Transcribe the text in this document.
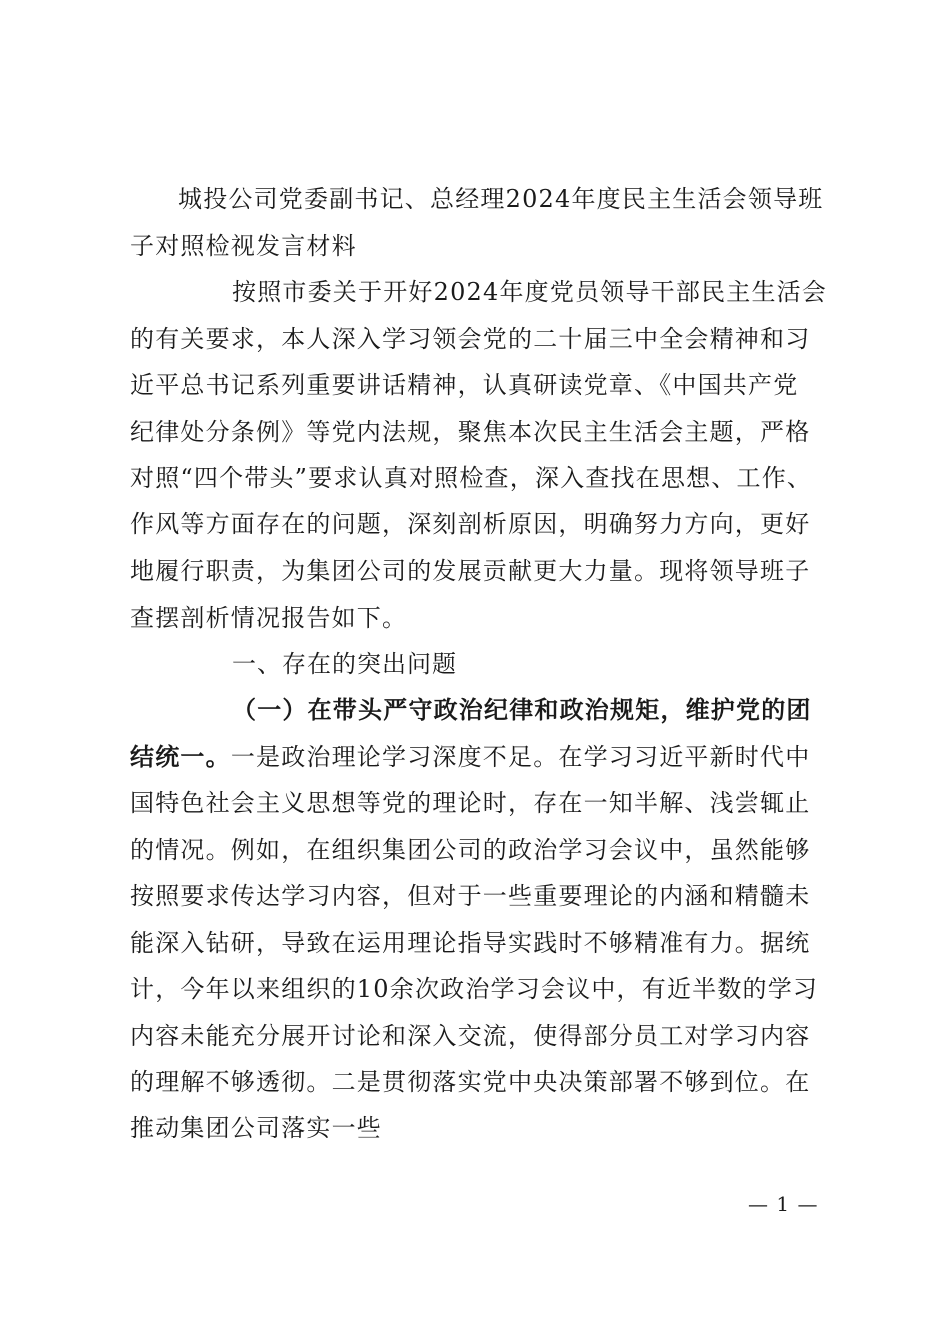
城投公司党委副书记、总经理2024年度民主生活会领导班
子对照检视发言材料
按照市委关于开好2024年度党员领导干部民主生活会
的有关要求，本人深入学习领会党的二十届三中全会精神和习
近平总书记系列重要讲话精神，认真研读党章、《中国共产党
纪律处分条例》等党内法规，聚焦本次民主生活会主题，严格
对照“四个带头”要求认真对照检查，深入查找在思想、工作、
作风等方面存在的问题，深刻剖析原因，明确努力方向，更好
地履行职责，为集团公司的发展贡献更大力量。现将领导班子
查摆剖析情况报告如下。
一、存在的突出问题
（一）在带头严守政治纪律和政治规矩，维护党的团
结统一。一是政治理论学习深度不足。在学习习近平新时代中
国特色社会主义思想等党的理论时，存在一知半解、浅尝辄止
的情况。例如，在组织集团公司的政治学习会议中，虽然能够
按照要求传达学习内容，但对于一些重要理论的内涵和精髓未
能深入钻研，导致在运用理论指导实践时不够精准有力。据统
计，今年以来组织的10余次政治学习会议中，有近半数的学习
内容未能充分展开讨论和深入交流，使得部分员工对学习内容
的理解不够透彻。二是贯彻落实党中央决策部署不够到位。在
推动集团公司落实一些
— 1 —
